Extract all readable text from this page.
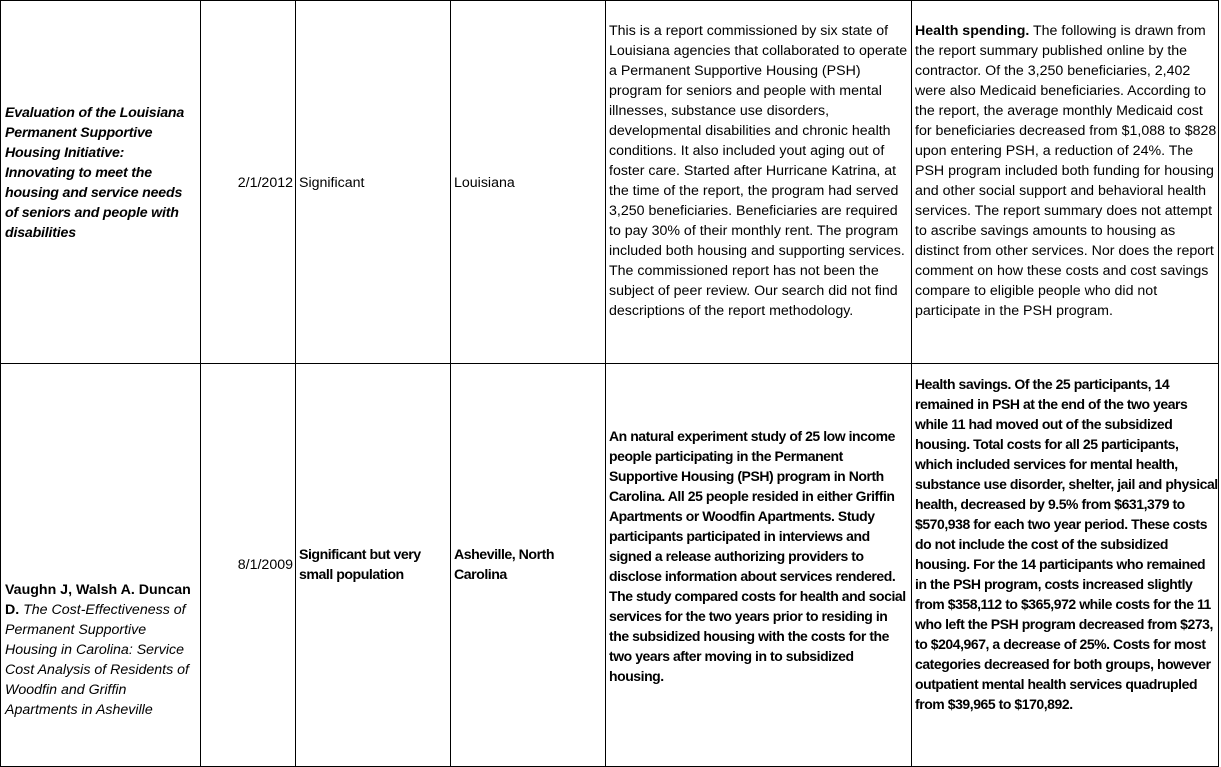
Evaluation of the Louisiana Permanent Supportive Housing Initiative: Innovating to meet the housing and service needs of seniors and people with disabilities
2/1/2012 Significant	Louisiana
This is a report commissioned by six state of Louisiana agencies that collaborated to operate a Permanent Supportive Housing (PSH) program for seniors and people with mental illnesses, substance use disorders, developmental disabilities and chronic health conditions. It also included yout aging out of foster care. Started after Hurricane Katrina, at the time of the report, the program had served 3,250 beneficiaries. Beneficiaries are required to pay 30% of their monthly rent. The program included both housing and supporting services. The commissioned report has not been the subject of peer review. Our search did not find descriptions of the report methodology.
Health spending. The following is drawn from the report summary published online by the contractor. Of the 3,250 beneficiaries, 2,402 were also Medicaid beneficiaries. According to the report, the average monthly Medicaid cost for beneficiaries decreased from $1,088 to $828 upon entering PSH, a reduction of 24%. The PSH program included both funding for housing and other social support and behavioral health services. The report summary does not attempt to ascribe savings amounts to housing as distinct from other services. Nor does the report comment on how these costs and cost savings compare to eligible people who did not participate in the PSH program.
Vaughn J, Walsh A. Duncan D. The Cost-Effectiveness of Permanent Supportive Housing in Carolina: Service Cost Analysis of Residents of Woodfin and Griffin Apartments in Asheville
8/1/2009
Significant but very small population
Asheville, North Carolina
An natural experiment study of 25 low income people participating in the Permanent Supportive Housing (PSH) program in North Carolina. All 25 people resided in either Griffin Apartments or Woodfin Apartments. Study participants participated in interviews and signed a release authorizing providers to disclose information about services rendered. The study compared costs for health and social services for the two years prior to residing in the subsidized housing with the costs for the two years after moving in to subsidized housing.
Health savings. Of the 25 participants, 14 remained in PSH at the end of the two years while 11 had moved out of the subsidized housing. Total costs for all 25 participants, which included services for mental health, substance use disorder, shelter, jail and physical health, decreased by 9.5% from $631,379 to $570,938 for each two year period. These costs do not include the cost of the subsidized housing. For the 14 participants who remained in the PSH program, costs increased slightly from $358,112 to $365,972 while costs for the 11 who left the PSH program decreased from $273, to $204,967, a decrease of 25%. Costs for most categories decreased for both groups, however outpatient mental health services quadrupled from $39,965 to $170,892.
